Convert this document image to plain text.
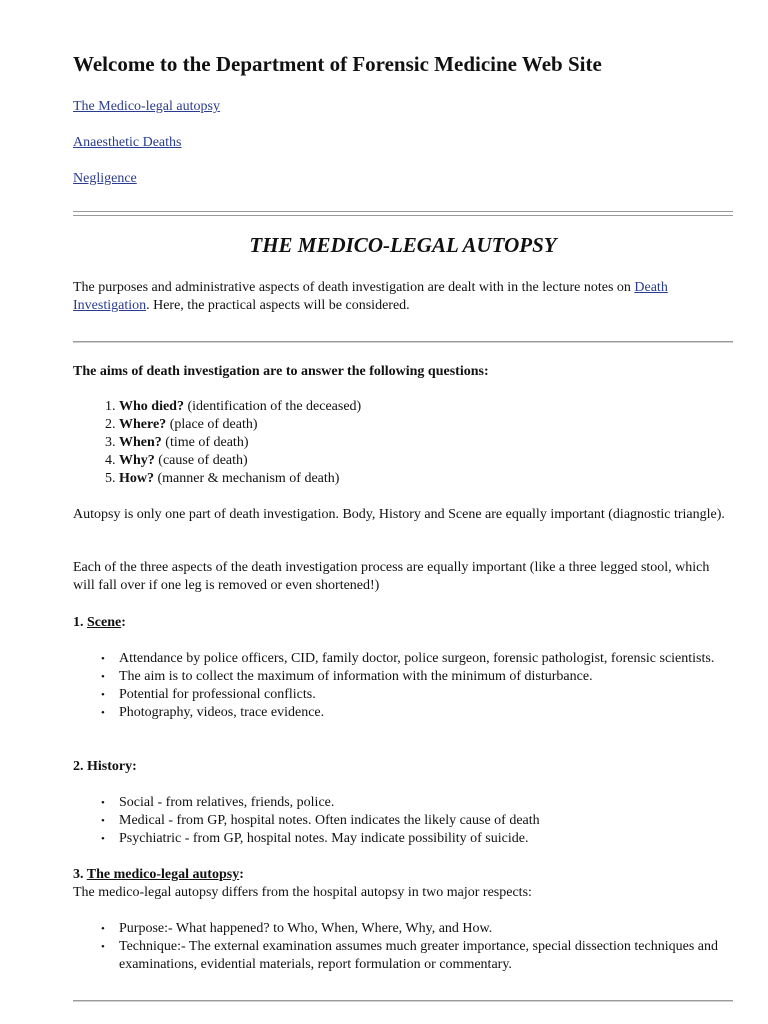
Welcome to the Department of Forensic Medicine Web Site
The Medico-legal autopsy
Anaesthetic Deaths
Negligence
THE MEDICO-LEGAL AUTOPSY

The purposes and administrative aspects of death investigation are dealt with in the lecture notes on Death Investigation. Here, the practical aspects will be considered.

The aims of death investigation are to answer the following questions:

1. Who died? (identification of the deceased)
2. Where? (place of death)
3. When? (time of death)
4. Why? (cause of death)
5. How? (manner & mechanism of death)

Autopsy is only one part of death investigation. Body, History and Scene are equally important (diagnostic triangle).

Each of the three aspects of the death investigation process are equally important (like a three legged stool, which will fall over if one leg is removed or even shortened!)

1. Scene:

• Attendance by police officers, CID, family doctor, police surgeon, forensic pathologist, forensic scientists.
• The aim is to collect the maximum of information with the minimum of disturbance.
• Potential for professional conflicts.
• Photography, videos, trace evidence.

2. History:

• Social - from relatives, friends, police.
• Medical - from GP, hospital notes. Often indicates the likely cause of death
• Psychiatric - from GP, hospital notes. May indicate possibility of suicide.

3. The medico-legal autopsy:

The medico-legal autopsy differs from the hospital autopsy in two major respects:

• Purpose:- What happened? to Who, When, Where, Why, and How.
• Technique:- The external examination assumes much greater importance, special dissection techniques and examinations, evidential materials, report formulation or commentary.
